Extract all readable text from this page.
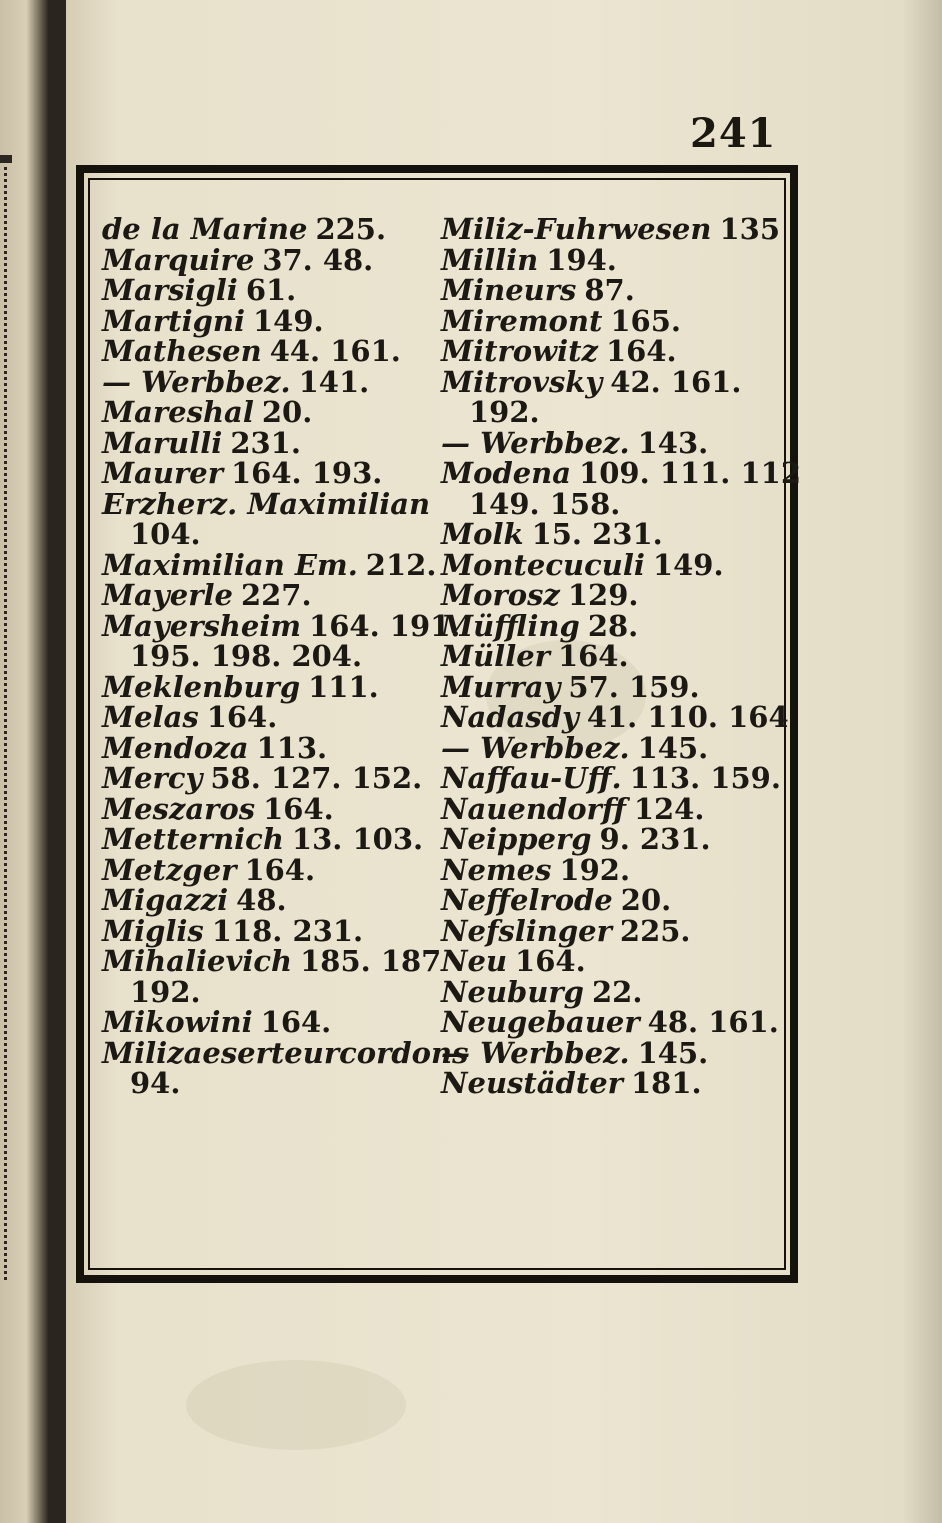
241
de la Marine 225.
Marquire 37. 48.
Marsigli 61.
Martigni 149.
Mathesen 44. 161.
— Werbbez. 141.
Mareshal 20.
Marulli 231.
Maurer 164. 193.
Erzherz. Maximilian
104.
Maximilian Em. 212.
Mayerle 227.
Mayersheim 164. 191.
195. 198. 204.
Meklenburg 111.
Melas 164.
Mendoza 113.
Mercy 58. 127. 152.
Meszaros 164.
Metternich 13. 103.
Metzger 164.
Migazzi 48.
Miglis 118. 231.
Mihalievich 185. 187
192.
Mikowini 164.
Milizaeserteurcordons
94.
Miliz-Fuhrwesen 135
Millin 194.
Mineurs 87.
Miremont 165.
Mitrowitz 164.
Mitrovsky 42. 161.
192.
— Werbbez. 143.
Modena 109. 111. 112
149. 158.
Molk 15. 231.
Montecuculi 149.
Morosz 129.
Müffling 28.
Müller 164.
Murray 57. 159.
Nadasdy 41. 110. 164
— Werbbez. 145.
Naffau-Uff. 113. 159.
Nauendorff 124.
Neipperg 9. 231.
Nemes 192.
Neffelrode 20.
Nefslinger 225.
Neu 164.
Neuburg 22.
Neugebauer 48. 161.
— Werbbez. 145.
Neustädter 181.
